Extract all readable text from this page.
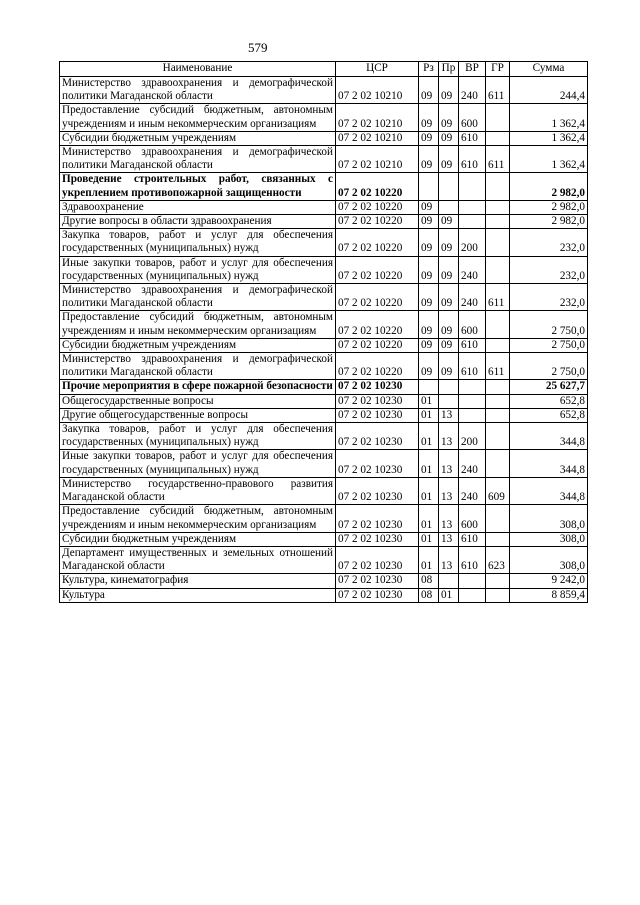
579
Наименование	ЦСР	Рз	Пр	ВР	ГР	Сумма
Министерство здравоохранения и демографической политики Магаданской области	07 2 02 10210	09	09	240	611	244,4
Предоставление субсидий бюджетным, автономным учреждениям и иным некоммерческим организациям	07 2 02 10210	09	09	600		1 362,4
Субсидии бюджетным учреждениям	07 2 02 10210	09	09	610		1 362,4
Министерство здравоохранения и демографической политики Магаданской области	07 2 02 10210	09	09	610	611	1 362,4
Проведение строительных работ, связанных с укреплением противопожарной защищенности	07 2 02 10220					2 982,0
Здравоохранение	07 2 02 10220	09				2 982,0
Другие вопросы в области здравоохранения	07 2 02 10220	09	09			2 982,0
Закупка товаров, работ и услуг для обеспечения государственных (муниципальных) нужд	07 2 02 10220	09	09	200		232,0
Иные закупки товаров, работ и услуг для обеспечения государственных (муниципальных) нужд	07 2 02 10220	09	09	240		232,0
Министерство здравоохранения и демографической политики Магаданской области	07 2 02 10220	09	09	240	611	232,0
Предоставление субсидий бюджетным, автономным учреждениям и иным некоммерческим организациям	07 2 02 10220	09	09	600		2 750,0
Субсидии бюджетным учреждениям	07 2 02 10220	09	09	610		2 750,0
Министерство здравоохранения и демографической политики Магаданской области	07 2 02 10220	09	09	610	611	2 750,0
Прочие мероприятия в сфере пожарной безопасности	07 2 02 10230					25 627,7
Общегосударственные вопросы	07 2 02 10230	01				652,8
Другие общегосударственные вопросы	07 2 02 10230	01	13			652,8
Закупка товаров, работ и услуг для обеспечения государственных (муниципальных) нужд	07 2 02 10230	01	13	200		344,8
Иные закупки товаров, работ и услуг для обеспечения государственных (муниципальных) нужд	07 2 02 10230	01	13	240		344,8
Министерство государственно-правового развития Магаданской области	07 2 02 10230	01	13	240	609	344,8
Предоставление субсидий бюджетным, автономным учреждениям и иным некоммерческим организациям	07 2 02 10230	01	13	600		308,0
Субсидии бюджетным учреждениям	07 2 02 10230	01	13	610		308,0
Департамент имущественных и земельных отношений Магаданской области	07 2 02 10230	01	13	610	623	308,0
Культура, кинематография	07 2 02 10230	08				9 242,0
Культура	07 2 02 10230	08	01			8 859,4
